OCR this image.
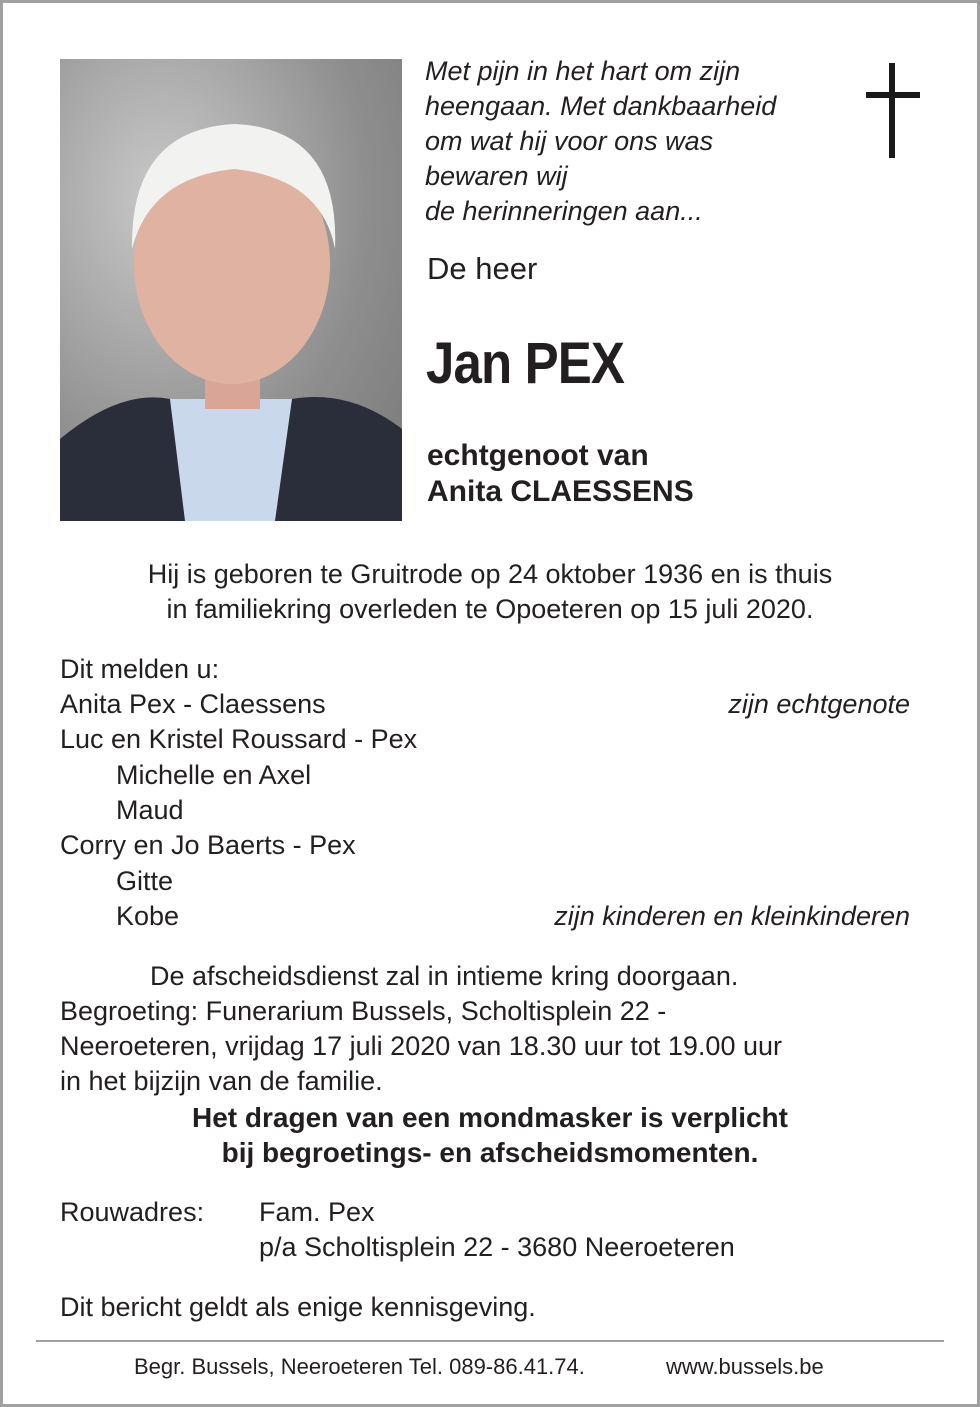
Met pijn in het hart om zijn
heengaan. Met dankbaarheid
om wat hij voor ons was
bewaren wij
de herinneringen aan...
De heer
Jan PEX
echtgenoot van
Anita CLAESSENS
Hij is geboren te Gruitrode op 24 oktober 1936 en is thuis
in familiekring overleden te Opoeteren op 15 juli 2020.
Dit melden u:
Anita Pex - Claessens	zijn echtgenote
Luc en Kristel Roussard - Pex
Michelle en Axel
Maud
Corry en Jo Baerts - Pex
Gitte
Kobe	zijn kinderen en kleinkinderen
De afscheidsdienst zal in intieme kring doorgaan.
Begroeting: Funerarium Bussels, Scholtisplein 22 -
Neeroeteren, vrijdag 17 juli 2020 van 18.30 uur tot 19.00 uur
in het bijzijn van de familie.
Het dragen van een mondmasker is verplicht
bij begroetings- en afscheidsmomenten.
Rouwadres: Fam. Pex
p/a Scholtisplein 22 - 3680 Neeroeteren
Dit bericht geldt als enige kennisgeving.
Begr. Bussels, Neeroeteren Tel. 089-86.41.74.	www.bussels.be
